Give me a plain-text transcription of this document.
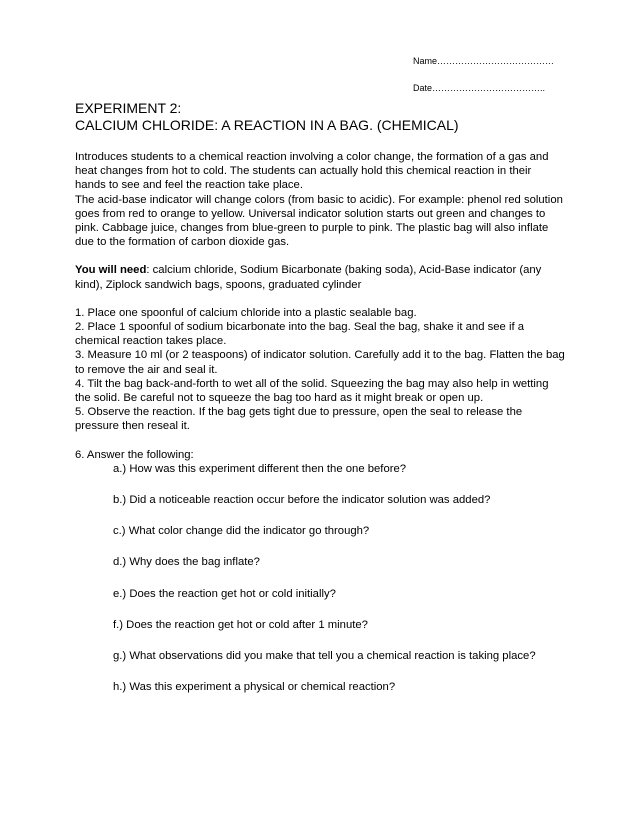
Name…………………………………
Date………………………………..
EXPERIMENT 2:
CALCIUM CHLORIDE: A REACTION IN A BAG. (CHEMICAL)

Introduces students to a chemical reaction involving a color change, the formation of a gas and heat changes from hot to cold. The students can actually hold this chemical reaction in their hands to see and feel the reaction take place.

The acid-base indicator will change colors (from basic to acidic). For example: phenol red solution goes from red to orange to yellow. Universal indicator solution starts out green and changes to pink. Cabbage juice, changes from blue-green to purple to pink. The plastic bag will also inflate due to the formation of carbon dioxide gas.

You will need: calcium chloride, Sodium Bicarbonate (baking soda), Acid-Base indicator (any kind), Ziplock sandwich bags, spoons, graduated cylinder

1. Place one spoonful of calcium chloride into a plastic sealable bag.

2. Place 1 spoonful of sodium bicarbonate into the bag. Seal the bag, shake it and see if a chemical reaction takes place.

3. Measure 10 ml (or 2 teaspoons) of indicator solution. Carefully add it to the bag. Flatten the bag to remove the air and seal it.

4. Tilt the bag back-and-forth to wet all of the solid. Squeezing the bag may also help in wetting the solid. Be careful not to squeeze the bag too hard as it might break or open up.

5. Observe the reaction. If the bag gets tight due to pressure, open the seal to release the pressure then reseal it.

6. Answer the following:

a.) How was this experiment different then the one before?
b.) Did a noticeable reaction occur before the indicator solution was added?
c.) What color change did the indicator go through?
d.) Why does the bag inflate?
e.) Does the reaction get hot or cold initially?
f.) Does the reaction get hot or cold after 1 minute?
g.) What observations did you make that tell you a chemical reaction is taking place?
h.) Was this experiment a physical or chemical reaction?
